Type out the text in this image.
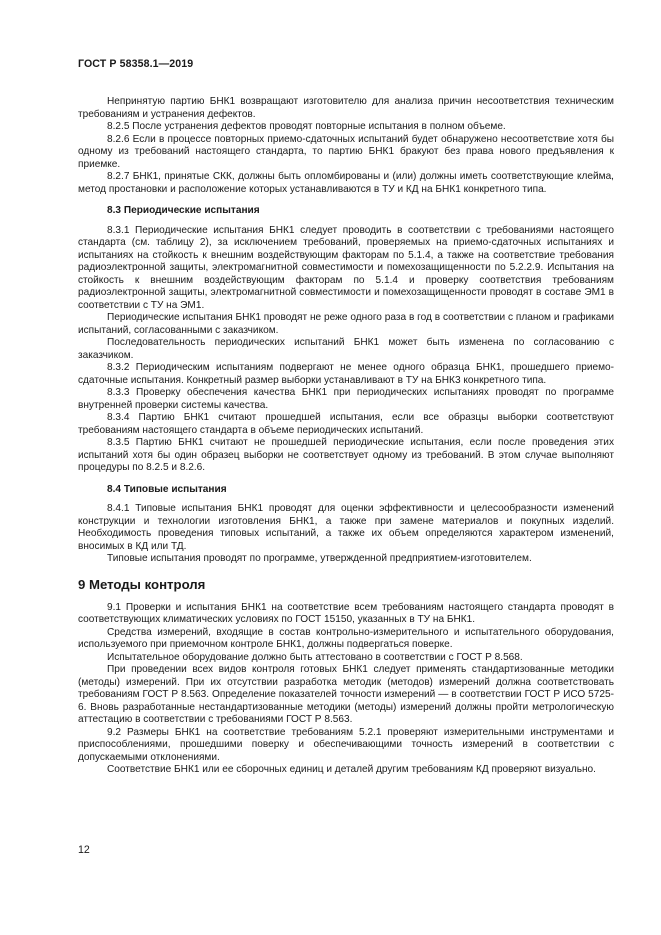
ГОСТ Р 58358.1—2019

Непринятую партию БНК1 возвращают изготовителю для анализа причин несоответствия техническим требованиям и устранения дефектов.

8.2.5 После устранения дефектов проводят повторные испытания в полном объеме.

8.2.6 Если в процессе повторных приемо-сдаточных испытаний будет обнаружено несоответствие хотя бы одному из требований настоящего стандарта, то партию БНК1 бракуют без права нового предъявления к приемке.

8.2.7 БНК1, принятые СКК, должны быть опломбированы и (или) должны иметь соответствующие клейма, метод простановки и расположение которых устанавливаются в ТУ и КД на БНК1 конкретного типа.

8.3 Периодические испытания

8.3.1 Периодические испытания БНК1 следует проводить в соответствии с требованиями настоящего стандарта (см. таблицу 2), за исключением требований, проверяемых на приемо-сдаточных испытаниях и испытаниях на стойкость к внешним воздействующим факторам по 5.1.4, а также на соответствие требования радиоэлектронной защиты, электромагнитной совместимости и помехозащищенности по 5.2.2.9. Испытания на стойкость к внешним воздействующим факторам по 5.1.4 и проверку соответствия требованиям радиоэлектронной защиты, электромагнитной совместимости и помехозащищенности проводят в составе ЭМ1 в соответствии с ТУ на ЭМ1.

Периодические испытания БНК1 проводят не реже одного раза в год в соответствии с планом и графиками испытаний, согласованными с заказчиком.

Последовательность периодических испытаний БНК1 может быть изменена по согласованию с заказчиком.

8.3.2 Периодическим испытаниям подвергают не менее одного образца БНК1, прошедшего приемо-сдаточные испытания. Конкретный размер выборки устанавливают в ТУ на БНК3 конкретного типа.

8.3.3 Проверку обеспечения качества БНК1 при периодических испытаниях проводят по программе внутренней проверки системы качества.

8.3.4 Партию БНК1 считают прошедшей испытания, если все образцы выборки соответствуют требованиям настоящего стандарта в объеме периодических испытаний.

8.3.5 Партию БНК1 считают не прошедшей периодические испытания, если после проведения этих испытаний хотя бы один образец выборки не соответствует одному из требований. В этом случае выполняют процедуры по 8.2.5 и 8.2.6.

8.4 Типовые испытания

8.4.1 Типовые испытания БНК1 проводят для оценки эффективности и целесообразности изменений конструкции и технологии изготовления БНК1, а также при замене материалов и покупных изделий. Необходимость проведения типовых испытаний, а также их объем определяются характером изменений, вносимых в КД или ТД.

Типовые испытания проводят по программе, утвержденной предприятием-изготовителем.

9 Методы контроля

9.1 Проверки и испытания БНК1 на соответствие всем требованиям настоящего стандарта проводят в соответствующих климатических условиях по ГОСТ 15150, указанных в ТУ на БНК1.

Средства измерений, входящие в состав контрольно-измерительного и испытательного оборудования, используемого при приемочном контроле БНК1, должны подвергаться поверке.

Испытательное оборудование должно быть аттестовано в соответствии с ГОСТ Р 8.568.

При проведении всех видов контроля готовых БНК1 следует применять стандартизованные методики (методы) измерений. При их отсутствии разработка методик (методов) измерений должна соответствовать требованиям ГОСТ Р 8.563. Определение показателей точности измерений — в соответствии ГОСТ Р ИСО 5725-6. Вновь разработанные нестандартизованные методики (методы) измерений должны пройти метрологическую аттестацию в соответствии с требованиями ГОСТ Р 8.563.

9.2 Размеры БНК1 на соответствие требованиям 5.2.1 проверяют измерительными инструментами и приспособлениями, прошедшими поверку и обеспечивающими точность измерений в соответствии с допускаемыми отклонениями.

Соответствие БНК1 или ее сборочных единиц и деталей другим требованиям КД проверяют визуально.

12
